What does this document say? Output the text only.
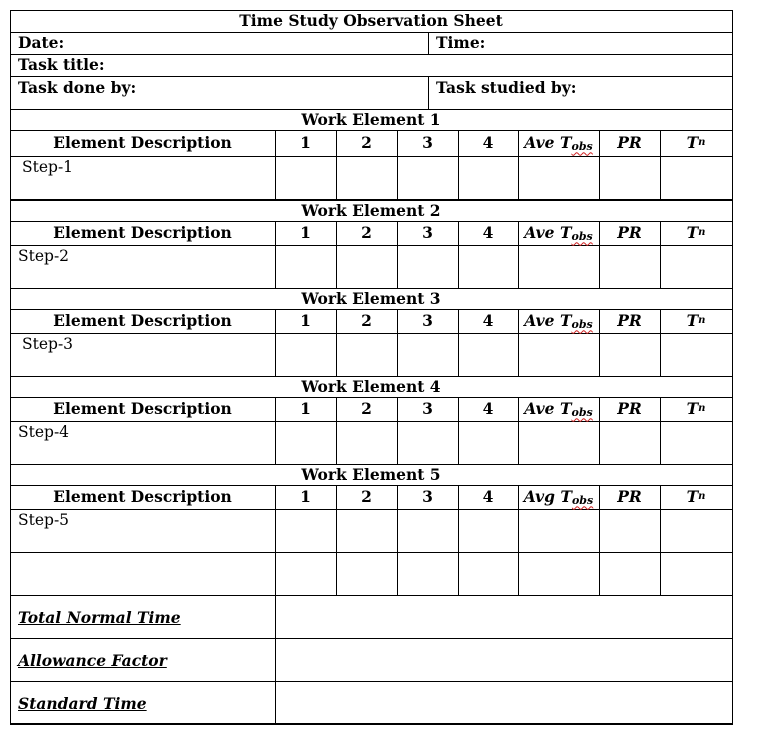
Time Study Observation Sheet
Date:	Time:
Task title:
Task done by:	Task studied by:
Work Element 1
Element Description	1	2	3	4	Ave T obs	PR	T n
Step-1
Work Element 2
Element Description	1	2	3	4	Ave T obs	PR	T n
Step-2
Work Element 3
Element Description	1	2	3	4	Ave T obs	PR	T n
Step-3
Work Element 4
Element Description	1	2	3	4	Ave T obs	PR	T n
Step-4
Work Element 5
Element Description	1	2	3	4	Avg T obs	PR	T n
Step-5
Total Normal Time
Allowance Factor
Standard Time
